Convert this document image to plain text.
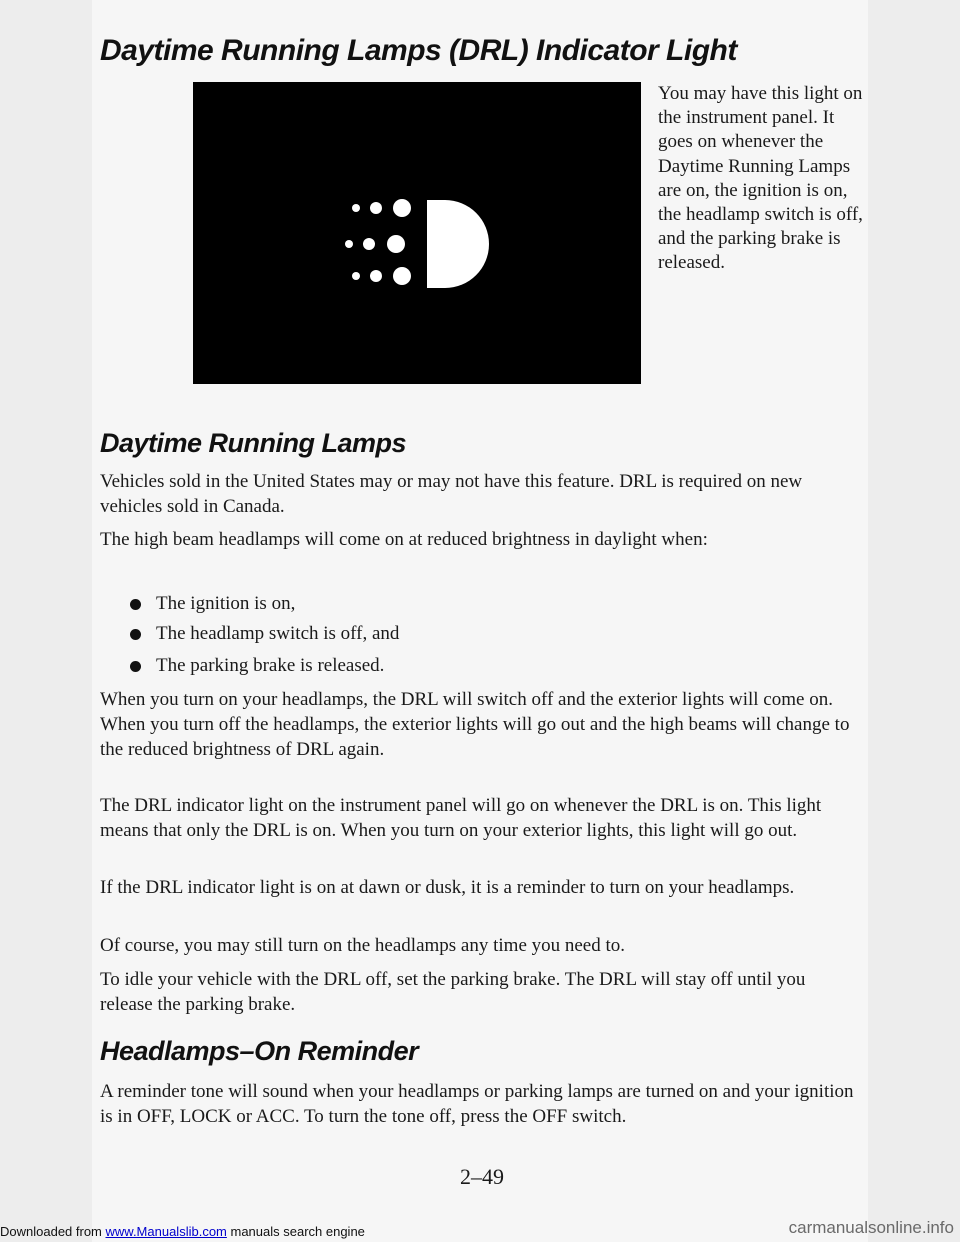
Daytime Running Lamps (DRL) Indicator Light

You may have this light on the instrument panel. It goes on whenever the Daytime Running Lamps are on, the ignition is on, the headlamp switch is off, and the parking brake is released.

Daytime Running Lamps

Vehicles sold in the United States may or may not have this feature. DRL is required on new vehicles sold in Canada.

The high beam headlamps will come on at reduced brightness in daylight when:

The ignition is on,
The headlamp switch is off, and
The parking brake is released.

When you turn on your headlamps, the DRL will switch off and the exterior lights will come on. When you turn off the headlamps, the exterior lights will go out and the high beams will change to the reduced brightness of DRL again.

The DRL indicator light on the instrument panel will go on whenever the DRL is on. This light means that only the DRL is on. When you turn on your exterior lights, this light will go out.

If the DRL indicator light is on at dawn or dusk, it is a reminder to turn on your headlamps.

Of course, you may still turn on the headlamps any time you need to.

To idle your vehicle with the DRL off, set the parking brake. The DRL will stay off until you release the parking brake.

Headlamps–On Reminder

A reminder tone will sound when your headlamps or parking lamps are turned on and your ignition is in OFF, LOCK or ACC. To turn the tone off, press the OFF switch.

2–49

Downloaded from www.Manualslib.com manuals search engine	carmanualsonline.info
